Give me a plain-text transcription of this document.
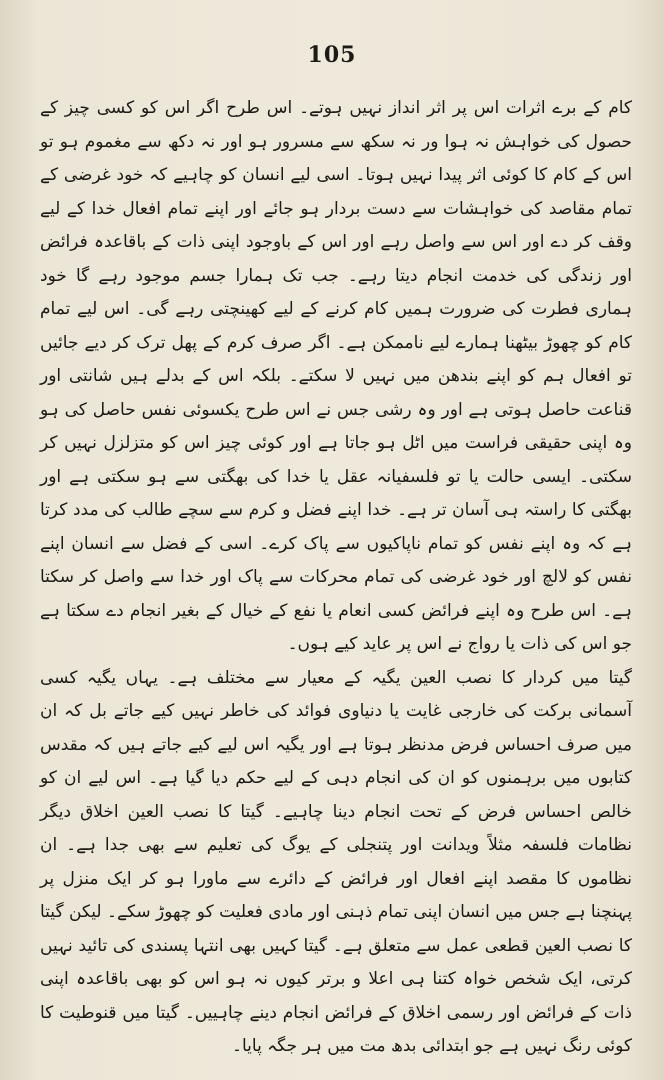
105

کام کے برے اثرات اس پر اثر انداز نہیں ہوتے۔ اس طرح اگر اس کو کسی چیز کے حصول کی خواہش نہ ہوا ور نہ سکھ سے مسرور ہو اور نہ دکھ سے مغموم ہو تو اس کے کام کا کوئی اثر پیدا نہیں ہوتا۔ اسی لیے انسان کو چاہیے کہ خود غرضی کے تمام مقاصد کی خواہشات سے دست بردار ہو جائے اور اپنے تمام افعال خدا کے لیے وقف کر دے اور اس سے واصل رہے اور اس کے باوجود اپنی ذات کے باقاعدہ فرائض اور زندگی کی خدمت انجام دیتا رہے۔ جب تک ہمارا جسم موجود رہے گا خود ہماری فطرت کی ضرورت ہمیں کام کرنے کے لیے کھینچتی رہے گی۔ اس لیے تمام کام کو چھوڑ بیٹھنا ہمارے لیے ناممکن ہے۔ اگر صرف کرم کے پھل ترک کر دیے جائیں تو افعال ہم کو اپنے بندھن میں نہیں لا سکتے۔ بلکہ اس کے بدلے ہیں شانتی اور قناعت حاصل ہوتی ہے اور وہ رشی جس نے اس طرح یکسوئی نفس حاصل کی ہو وہ اپنی حقیقی فراست میں اٹل ہو جاتا ہے اور کوئی چیز اس کو متزلزل نہیں کر سکتی۔ ایسی حالت یا تو فلسفیانہ عقل یا خدا کی بھگتی سے ہو سکتی ہے اور بھگتی کا راستہ ہی آسان تر ہے۔ خدا اپنے فضل و کرم سے سچے طالب کی مدد کرتا ہے کہ وہ اپنے نفس کو تمام ناپاکیوں سے پاک کرے۔ اسی کے فضل سے انسان اپنے نفس کو لالچ اور خود غرضی کی تمام محرکات سے پاک اور خدا سے واصل کر سکتا ہے۔ اس طرح وہ اپنے فرائض کسی انعام یا نفع کے خیال کے بغیر انجام دے سکتا ہے جو اس کی ذات یا رواج نے اس پر عاید کیے ہوں۔

گیتا میں کردار کا نصب العین یگیہ کے معیار سے مختلف ہے۔ یہاں یگیہ کسی آسمانی برکت کی خارجی غایت یا دنیاوی فوائد کی خاطر نہیں کیے جاتے بل کہ ان میں صرف احساس فرض مدنظر ہوتا ہے اور یگیہ اس لیے کیے جاتے ہیں کہ مقدس کتابوں میں برہمنوں کو ان کی انجام دہی کے لیے حکم دیا گیا ہے۔ اس لیے ان کو خالص احساس فرض کے تحت انجام دینا چاہیے۔ گیتا کا نصب العین اخلاق دیگر نظامات فلسفہ مثلاً ویدانت اور پتنجلی کے یوگ کی تعلیم سے بھی جدا ہے۔ ان نظاموں کا مقصد اپنے افعال اور فرائض کے دائرے سے ماورا ہو کر ایک منزل پر پہنچنا ہے جس میں انسان اپنی تمام ذہنی اور مادی فعلیت کو چھوڑ سکے۔ لیکن گیتا کا نصب العین قطعی عمل سے متعلق ہے۔ گیتا کہیں بھی انتہا پسندی کی تائید نہیں کرتی، ایک شخص خواہ کتنا ہی اعلا و برتر کیوں نہ ہو اس کو بھی باقاعدہ اپنی ذات کے فرائض اور رسمی اخلاق کے فرائض انجام دینے چاہییں۔ گیتا میں قنوطیت کا کوئی رنگ نہیں ہے جو ابتدائی بدھ مت میں ہر جگہ پایا۔
